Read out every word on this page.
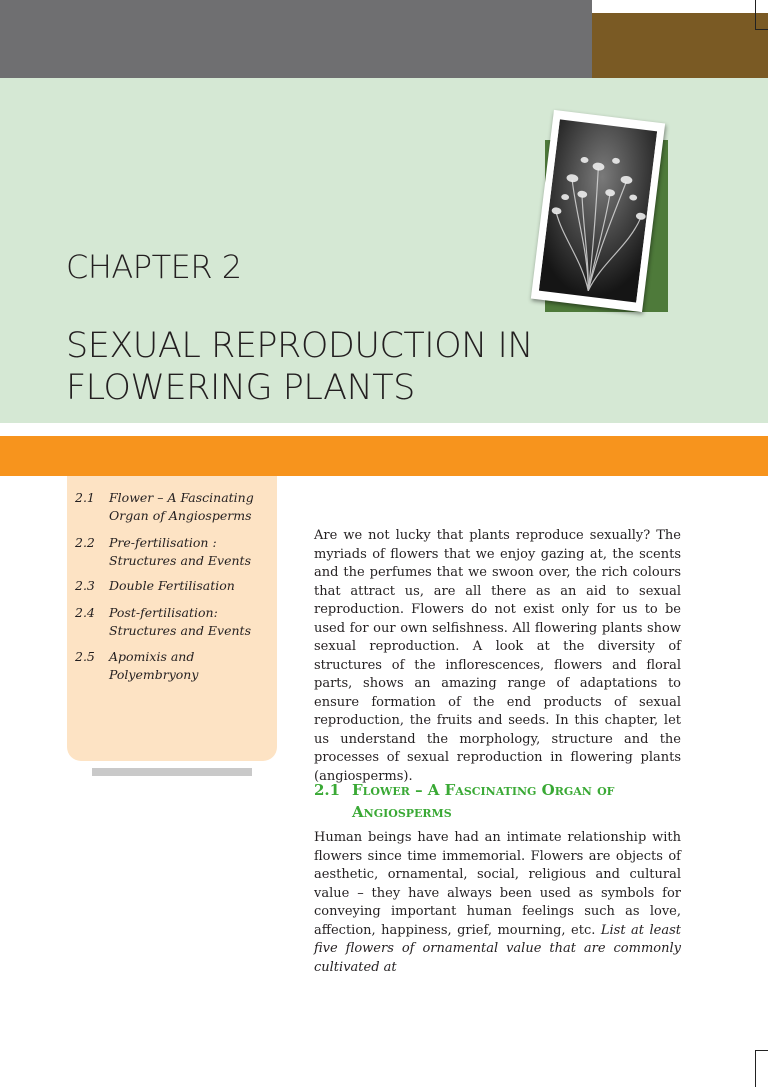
CHAPTER 2
SEXUAL REPRODUCTION IN FLOWERING PLANTS
2.1 Flower – A Fascinating Organ of Angiosperms
2.2 Pre-fertilisation : Structures and Events
2.3 Double Fertilisation
2.4 Post-fertilisation: Structures and Events
2.5 Apomixis and Polyembryony

Are we not lucky that plants reproduce sexually? The myriads of flowers that we enjoy gazing at, the scents and the perfumes that we swoon over, the rich colours that attract us, are all there as an aid to sexual reproduction. Flowers do not exist only for us to be used for our own selfishness. All flowering plants show sexual reproduction. A look at the diversity of structures of the inflorescences, flowers and floral parts, shows an amazing range of adaptations to ensure formation of the end products of sexual reproduction, the fruits and seeds. In this chapter, let us understand the morphology, structure and the processes of sexual reproduction in flowering plants (angiosperms).

2.1 Flower – A Fascinating Organ of Angiosperms

Human beings have had an intimate relationship with flowers since time immemorial. Flowers are objects of aesthetic, ornamental, social, religious and cultural value – they have always been used as symbols for conveying important human feelings such as love, affection, happiness, grief, mourning, etc. List at least five flowers of ornamental value that are commonly cultivated at
